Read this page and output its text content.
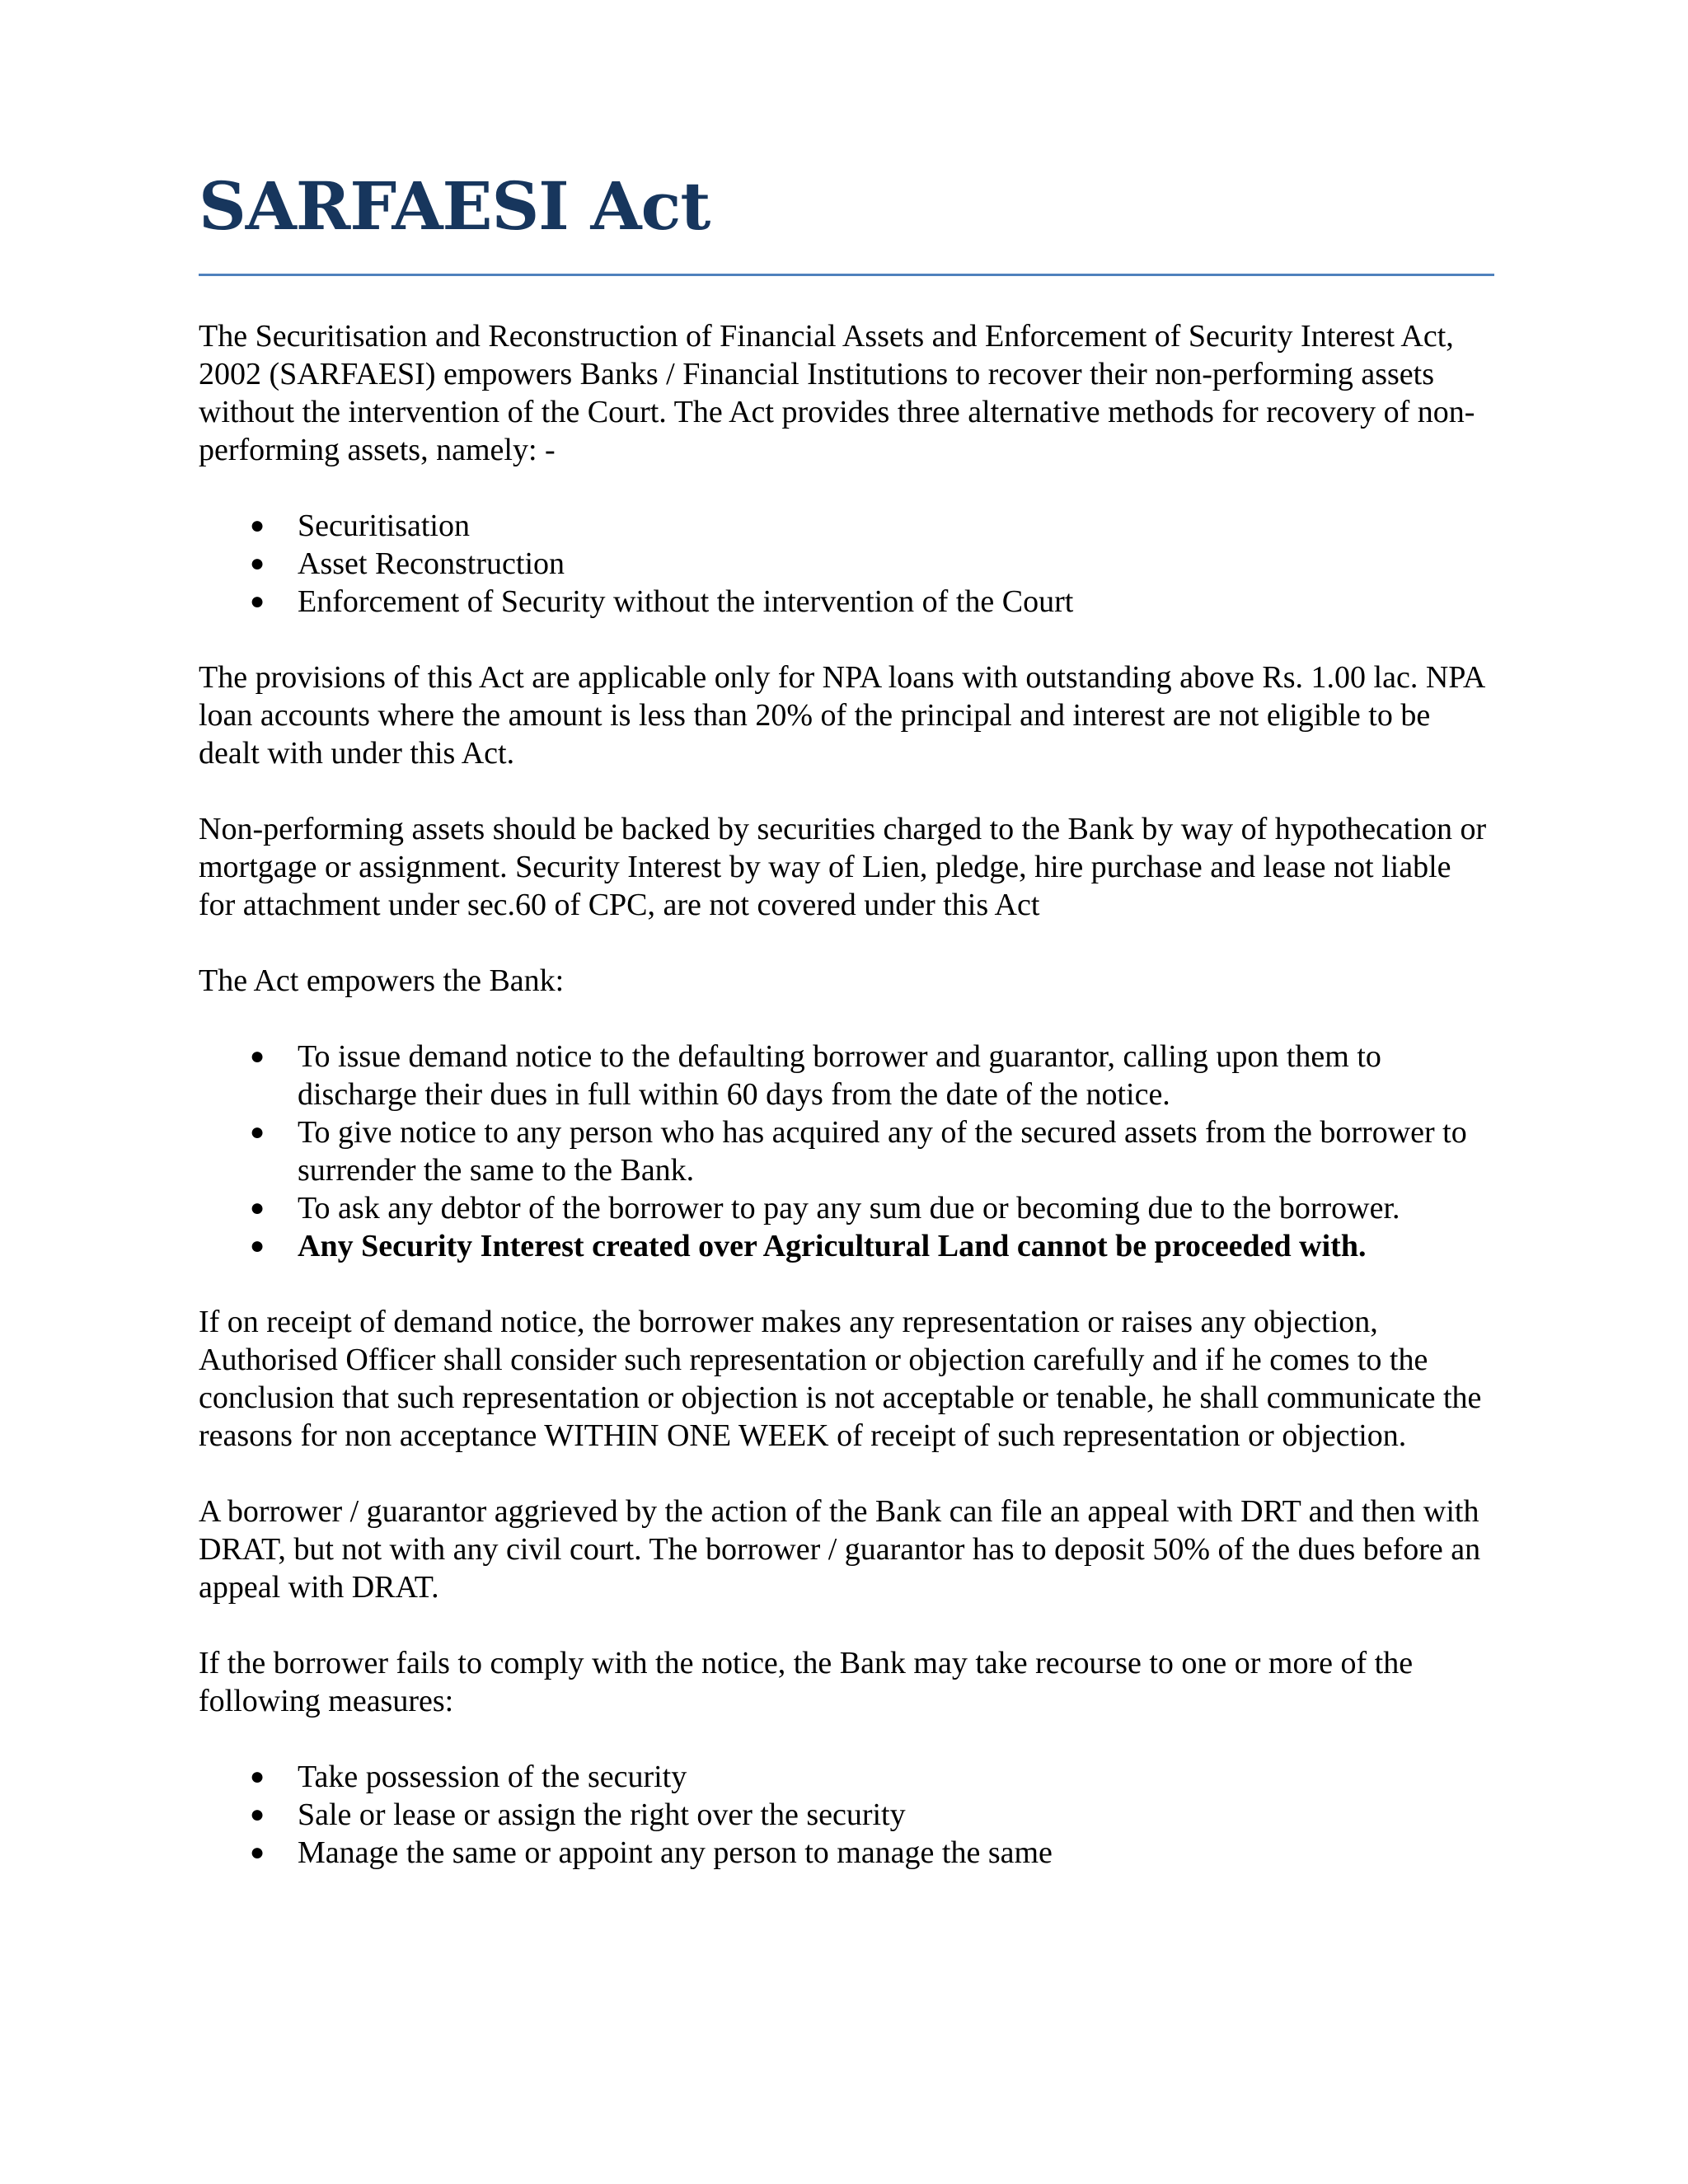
SARFAESI Act

The Securitisation and Reconstruction of Financial Assets and Enforcement of Security Interest Act, 2002 (SARFAESI) empowers Banks / Financial Institutions to recover their non-performing assets without the intervention of the Court. The Act provides three alternative methods for recovery of non-performing assets, namely: -

● Securitisation
● Asset Reconstruction
● Enforcement of Security without the intervention of the Court

The provisions of this Act are applicable only for NPA loans with outstanding above Rs. 1.00 lac. NPA loan accounts where the amount is less than 20% of the principal and interest are not eligible to be dealt with under this Act.

Non-performing assets should be backed by securities charged to the Bank by way of hypothecation or mortgage or assignment. Security Interest by way of Lien, pledge, hire purchase and lease not liable for attachment under sec.60 of CPC, are not covered under this Act

The Act empowers the Bank:

● To issue demand notice to the defaulting borrower and guarantor, calling upon them to discharge their dues in full within 60 days from the date of the notice.
● To give notice to any person who has acquired any of the secured assets from the borrower to surrender the same to the Bank.
● To ask any debtor of the borrower to pay any sum due or becoming due to the borrower.
● Any Security Interest created over Agricultural Land cannot be proceeded with.

If on receipt of demand notice, the borrower makes any representation or raises any objection, Authorised Officer shall consider such representation or objection carefully and if he comes to the conclusion that such representation or objection is not acceptable or tenable, he shall communicate the reasons for non acceptance WITHIN ONE WEEK of receipt of such representation or objection.

A borrower / guarantor aggrieved by the action of the Bank can file an appeal with DRT and then with DRAT, but not with any civil court. The borrower / guarantor has to deposit 50% of the dues before an appeal with DRAT.

If the borrower fails to comply with the notice, the Bank may take recourse to one or more of the following measures:

● Take possession of the security
● Sale or lease or assign the right over the security
● Manage the same or appoint any person to manage the same
